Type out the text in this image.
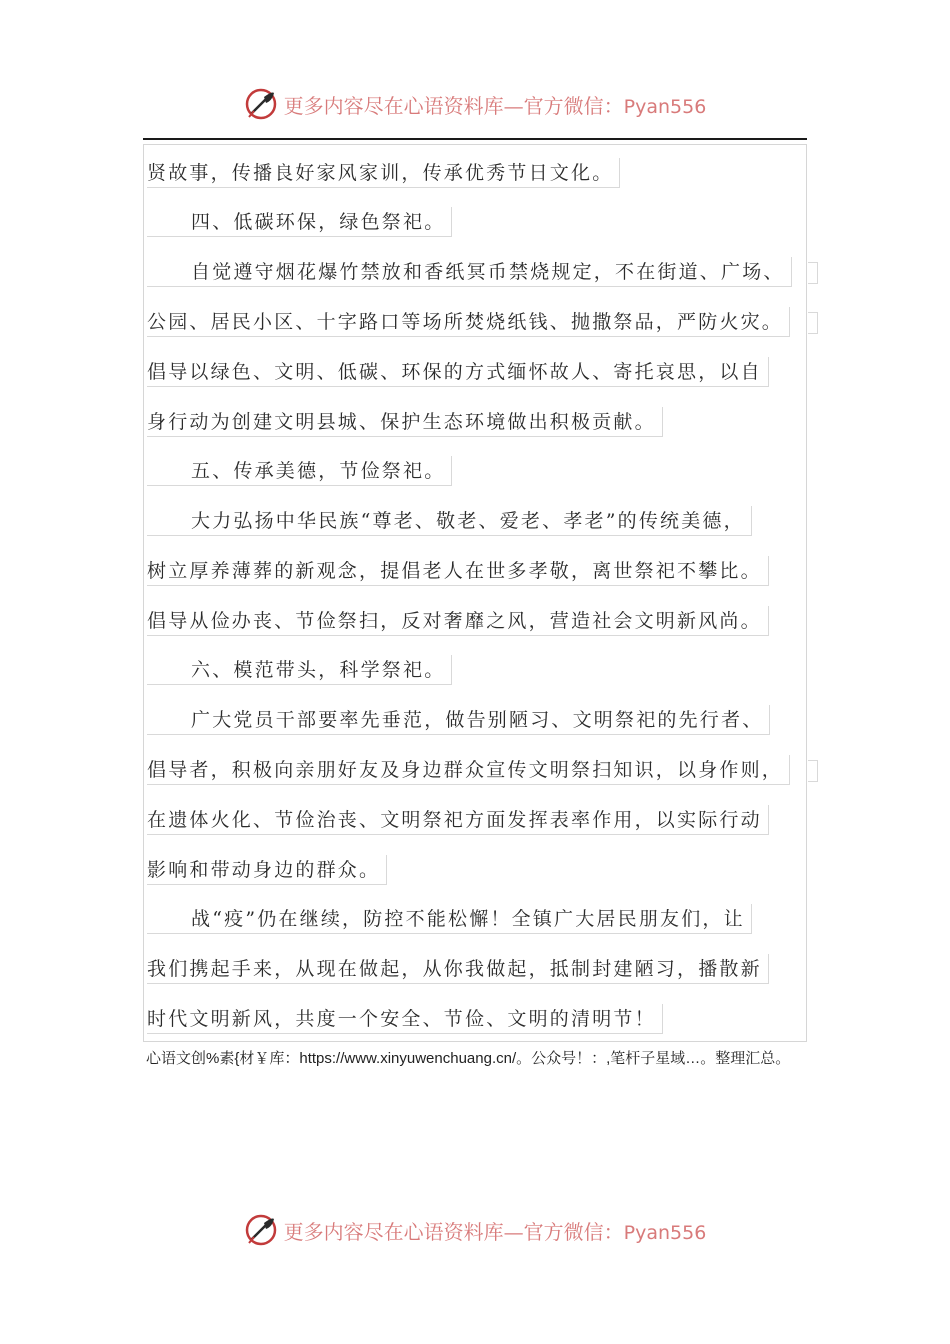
更多内容尽在心语资料库—官方微信：Pyan556
贤故事，传播良好家风家训，传承优秀节日文化。
四、低碳环保，绿色祭祀。
自觉遵守烟花爆竹禁放和香纸冥币禁烧规定，不在街道、广场、
公园、居民小区、十字路口等场所焚烧纸钱、抛撒祭品，严防火灾。
倡导以绿色、文明、低碳、环保的方式缅怀故人、寄托哀思，以自
身行动为创建文明县城、保护生态环境做出积极贡献。
五、传承美德，节俭祭祀。
大力弘扬中华民族“尊老、敬老、爱老、孝老”的传统美德，
树立厚养薄葬的新观念，提倡老人在世多孝敬，离世祭祀不攀比。
倡导从俭办丧、节俭祭扫，反对奢靡之风，营造社会文明新风尚。
六、模范带头，科学祭祀。
广大党员干部要率先垂范，做告别陋习、文明祭祀的先行者、
倡导者，积极向亲朋好友及身边群众宣传文明祭扫知识，以身作则，
在遗体火化、节俭治丧、文明祭祀方面发挥表率作用，以实际行动
影响和带动身边的群众。
战“疫”仍在继续，防控不能松懈！全镇广大居民朋友们，让
我们携起手来，从现在做起，从你我做起，抵制封建陋习，播散新
时代文明新风，共度一个安全、节俭、文明的清明节！
心语文创%素{材￥库：https://www.xinyuwenchuang.cn/。公众号！：,笔杆子星域…。整理汇总。
更多内容尽在心语资料库—官方微信：Pyan556
